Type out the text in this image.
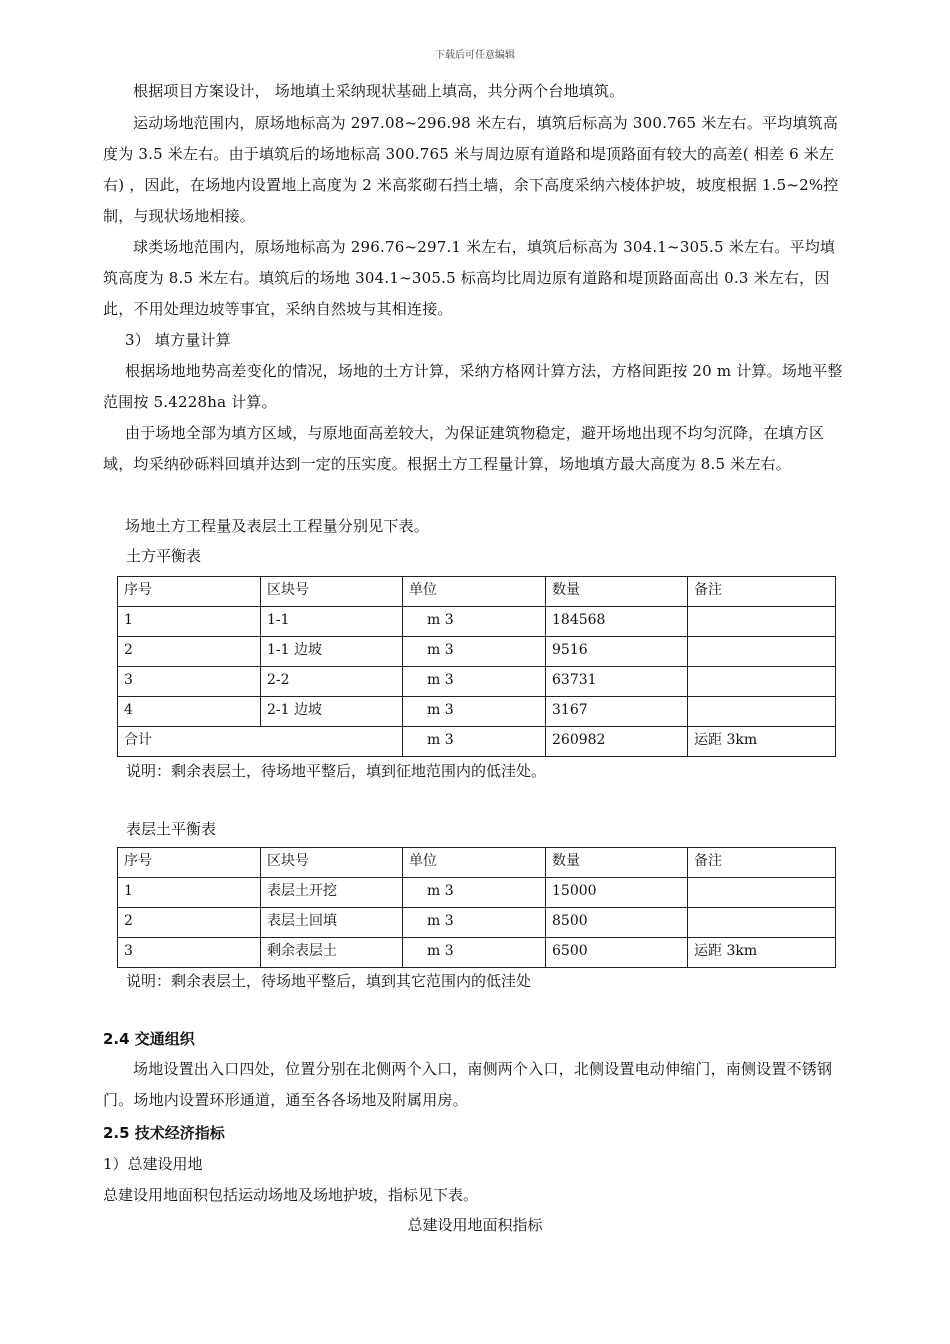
下载后可任意编辑

根据项目方案设计， 场地填土采纳现状基础上填高，共分两个台地填筑。

运动场地范围内，原场地标高为 297.08~296.98 米左右，填筑后标高为 300.765 米左右。平均填筑高度为 3.5 米左右。由于填筑后的场地标高 300.765 米与周边原有道路和堤顶路面有较大的高差( 相差 6 米左右) ，因此，在场地内设置地上高度为 2 米高浆砌石挡土墙，余下高度采纳六棱体护坡，坡度根据 1.5~2%控制，与现状场地相接。

球类场地范围内，原场地标高为 296.76~297.1 米左右，填筑后标高为 304.1~305.5 米左右。平均填筑高度为 8.5 米左右。填筑后的场地 304.1~305.5 标高均比周边原有道路和堤顶路面高出 0.3 米左右，因此，不用处理边坡等事宜，采纳自然坡与其相连接。

3） 填方量计算

根据场地地势高差变化的情况，场地的土方计算，采纳方格网计算方法，方格间距按 20 m 计算。场地平整范围按 5.4228ha 计算。

由于场地全部为填方区域，与原地面高差较大，为保证建筑物稳定，避开场地出现不均匀沉降，在填方区域，均采纳砂砾料回填并达到一定的压实度。根据土方工程量计算，场地填方最大高度为 8.5 米左右。

场地土方工程量及表层土工程量分别见下表。

土方平衡表
序号	区块号	单位	数量	备注
1	1-1	m 3	184568	
2	1-1 边坡	m 3	9516	
3	2-2	m 3	63731	
4	2-1 边坡	m 3	3167	
合计		m 3	260982	运距 3km
说明：剩余表层土，待场地平整后，填到征地范围内的低洼处。
表层土平衡表
序号	区块号	单位	数量	备注
1	表层土开挖	m 3	15000	
2	表层土回填	m 3	8500	
3	剩余表层土	m 3	6500	运距 3km
说明：剩余表层土，待场地平整后，填到其它范围内的低洼处
2.4 交通组织

场地设置出入口四处，位置分别在北侧两个入口，南侧两个入口，北侧设置电动伸缩门，南侧设置不锈钢门。场地内设置环形通道，通至各各场地及附属用房。

2.5 技术经济指标
1）总建设用地
总建设用地面积包括运动场地及场地护坡，指标见下表。
总建设用地面积指标
